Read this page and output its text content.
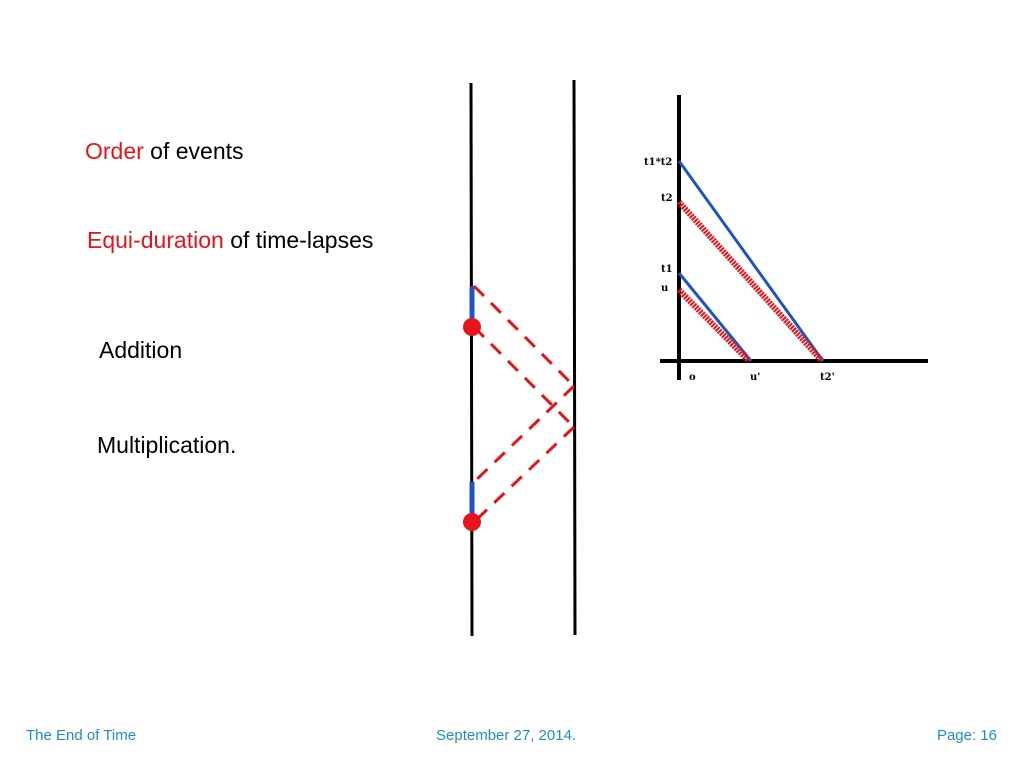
Order of events
Equi-duration of time-lapses
Addition
Multiplication.
t1*t2
t2
t1
u
o	u'	t2'
The End of Time	September 27, 2014.	Page: 16
